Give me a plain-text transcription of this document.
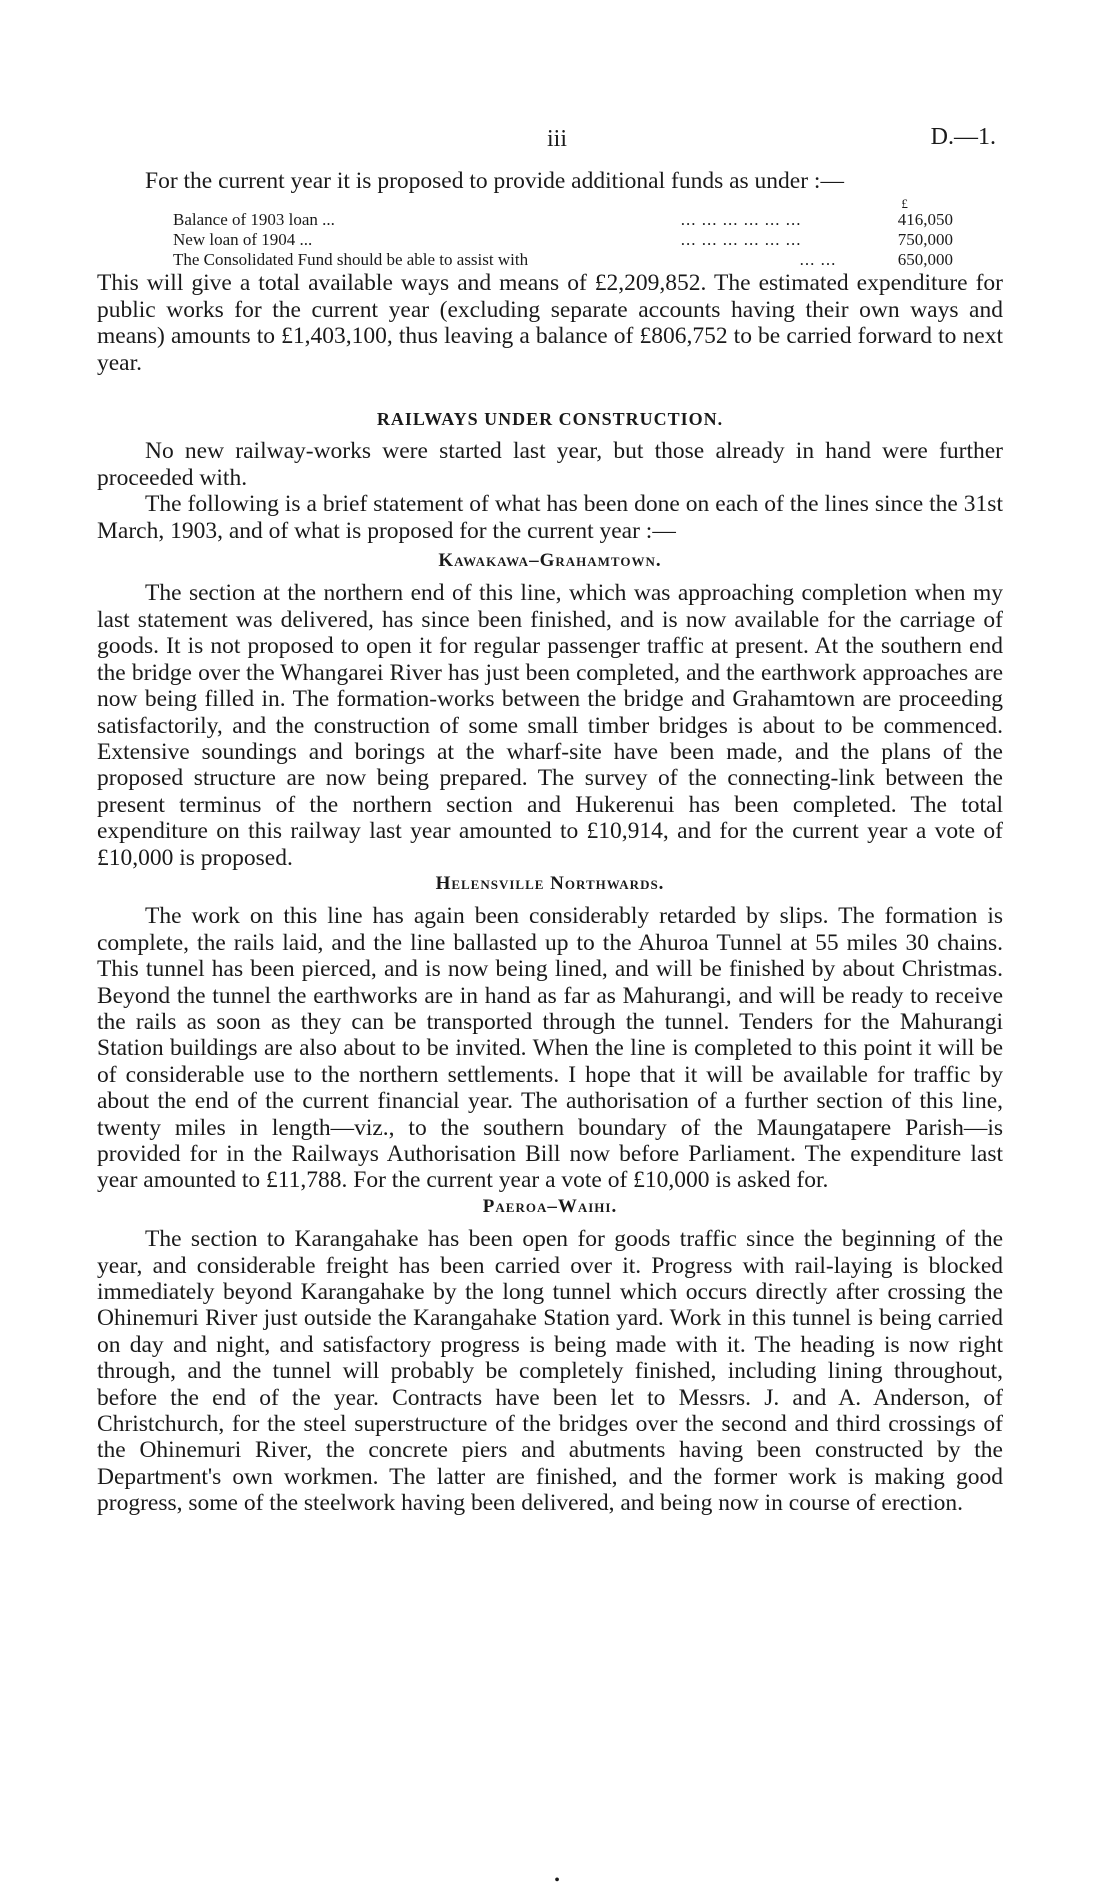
iii	D.—1.

For the current year it is proposed to provide additional funds as under :—

		£
Balance of 1903 loan ...	... ... ... ... ... ...	416,050
New loan of 1904 ...	... ... ... ... ... ...	750,000
The Consolidated Fund should be able to assist with	... ...	650,000

This will give a total available ways and means of £2,209,852. The estimated expenditure for public works for the current year (excluding separate accounts having their own ways and means) amounts to £1,403,100, thus leaving a balance of £806,752 to be carried forward to next year.

RAILWAYS UNDER CONSTRUCTION.

No new railway-works were started last year, but those already in hand were further proceeded with.

The following is a brief statement of what has been done on each of the lines since the 31st March, 1903, and of what is proposed for the current year :—

Kawakawa–Grahamtown.

The section at the northern end of this line, which was approaching completion when my last statement was delivered, has since been finished, and is now available for the carriage of goods. It is not proposed to open it for regular passenger traffic at present. At the southern end the bridge over the Whangarei River has just been completed, and the earthwork approaches are now being filled in. The formation-works between the bridge and Grahamtown are proceeding satisfactorily, and the construction of some small timber bridges is about to be commenced. Extensive soundings and borings at the wharf-site have been made, and the plans of the proposed structure are now being prepared. The survey of the connecting-link between the present terminus of the northern section and Hukerenui has been completed. The total expenditure on this railway last year amounted to £10,914, and for the current year a vote of £10,000 is proposed.

Helensville Northwards.

The work on this line has again been considerably retarded by slips. The formation is complete, the rails laid, and the line ballasted up to the Ahuroa Tunnel at 55 miles 30 chains. This tunnel has been pierced, and is now being lined, and will be finished by about Christmas. Beyond the tunnel the earthworks are in hand as far as Mahurangi, and will be ready to receive the rails as soon as they can be transported through the tunnel. Tenders for the Mahurangi Station buildings are also about to be invited. When the line is completed to this point it will be of considerable use to the northern settlements. I hope that it will be available for traffic by about the end of the current financial year. The authorisation of a further section of this line, twenty miles in length—viz., to the southern boundary of the Maungatapere Parish—is provided for in the Railways Authorisation Bill now before Parliament. The expenditure last year amounted to £11,788. For the current year a vote of £10,000 is asked for.

Paeroa–Waihi.

The section to Karangahake has been open for goods traffic since the beginning of the year, and considerable freight has been carried over it. Progress with rail-laying is blocked immediately beyond Karangahake by the long tunnel which occurs directly after crossing the Ohinemuri River just outside the Karangahake Station yard. Work in this tunnel is being carried on day and night, and satisfactory progress is being made with it. The heading is now right through, and the tunnel will probably be completely finished, including lining throughout, before the end of the year. Contracts have been let to Messrs. J. and A. Anderson, of Christchurch, for the steel superstructure of the bridges over the second and third crossings of the Ohinemuri River, the concrete piers and abutments having been constructed by the Department's own workmen. The latter are finished, and the former work is making good progress, some of the steelwork having been delivered, and being now in course of erection.

•
